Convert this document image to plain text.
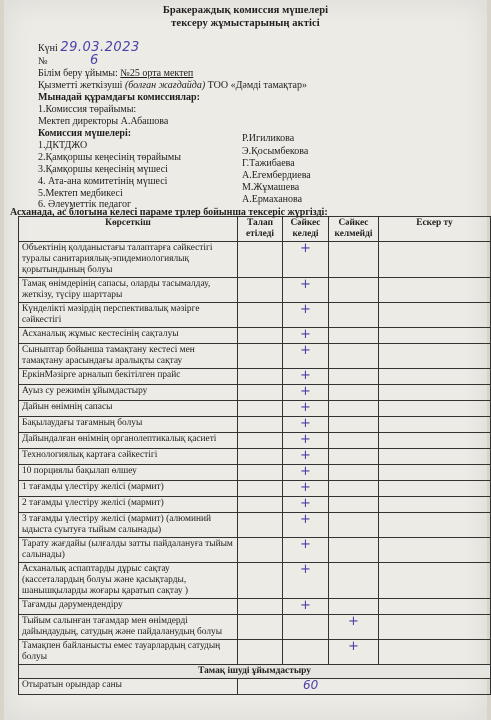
Бракераждық комиссия мүшелері
тексеру жұмыстарының актісі
Күні 29.03.2023
№	6
Білім беру ұйымы: №25 орта мектеп
Қызметті жеткізуші (болған жағдайда) ТОО «Дәмді тамақтар»
Мынадай құрамдағы комиссиялар:
1.Комиссия төрайымы:
Мектеп директоры А.Абашова
Комиссия мүшелері:
1.ДКТДЖО
Р.Игиликова
2.Қамқоршы кеңесінің төрайымы
Э.Қосымбекова
3.Қамқоршы кеңесінің мүшесі
Г.Тажибаева
4. Ата-ана комитетінің мүшесі
А.Егембердиева
5.Мектеп медбикесі
М.Жұмашева
6. Әлеуметтік педагог	А.Ермаханова
Асханада, ас блогына келесі параме трлер бойынша тексеріс жүргізді:
Көрсеткіш	Талап етіледі	Сәйкес келеді	Сәйкес келмейді	Ескер ту
Объектінің қолданыстағы талаптарға сәйкестігі туралы санитариялық-эпидемиологиялық қорытындының болуы		+		
Тамақ өнімдерінің сапасы, оларды тасымалдау, жеткізу, түсіру шарттары		+		
Күнделікті мәзірдің перспективалық мәзірге сәйкестігі		+		
Асханалық жұмыс кестесінің сақталуы		+		
Сыныптар бойынша тамақтану кестесі мен тамақтану арасындағы аралықты сақтау		+		
ЕркінМәзірге арналып бекітілген прайс		+		
Ауыз су режимін ұйымдастыру		+		
Дайын өнімнің сапасы		+		
Бақылаудағы тағамның болуы		+		
Дайындалған өнімнің органолептикалық қасиеті		+		
Технологиялық картаға сәйкестігі		+		
10 порциялы бақылап өлшеу		+		
1 тағамды үлестіру желісі (мармит)		+		
2 тағамды үлестіру желісі (мармит)		+		
3 тағамды үлестіру желісі (мармит) (алюминий ыдыста суытуға тыйым салынады)		+		
Тарату жағдайы (ылғалды затты пайдалануға тыйым салынады)		+		
Асханалық аспаптарды дұрыс сақтау (кассеталардың болуы және қасықтарды, шанышқыларды жоғары қаратып сақтау )		+		
Тағамды дәрумендендіру		+		
Тыйым салынған тағамдар мен өнімдерді дайындаудың, сатудың және пайдаланудың болуы			+	
Тамақпен байланысты емес тауарлардың сатудың болуы			+	
Тамақ ішуді ұйымдастыру				
Отыратын орындар саны	60			
